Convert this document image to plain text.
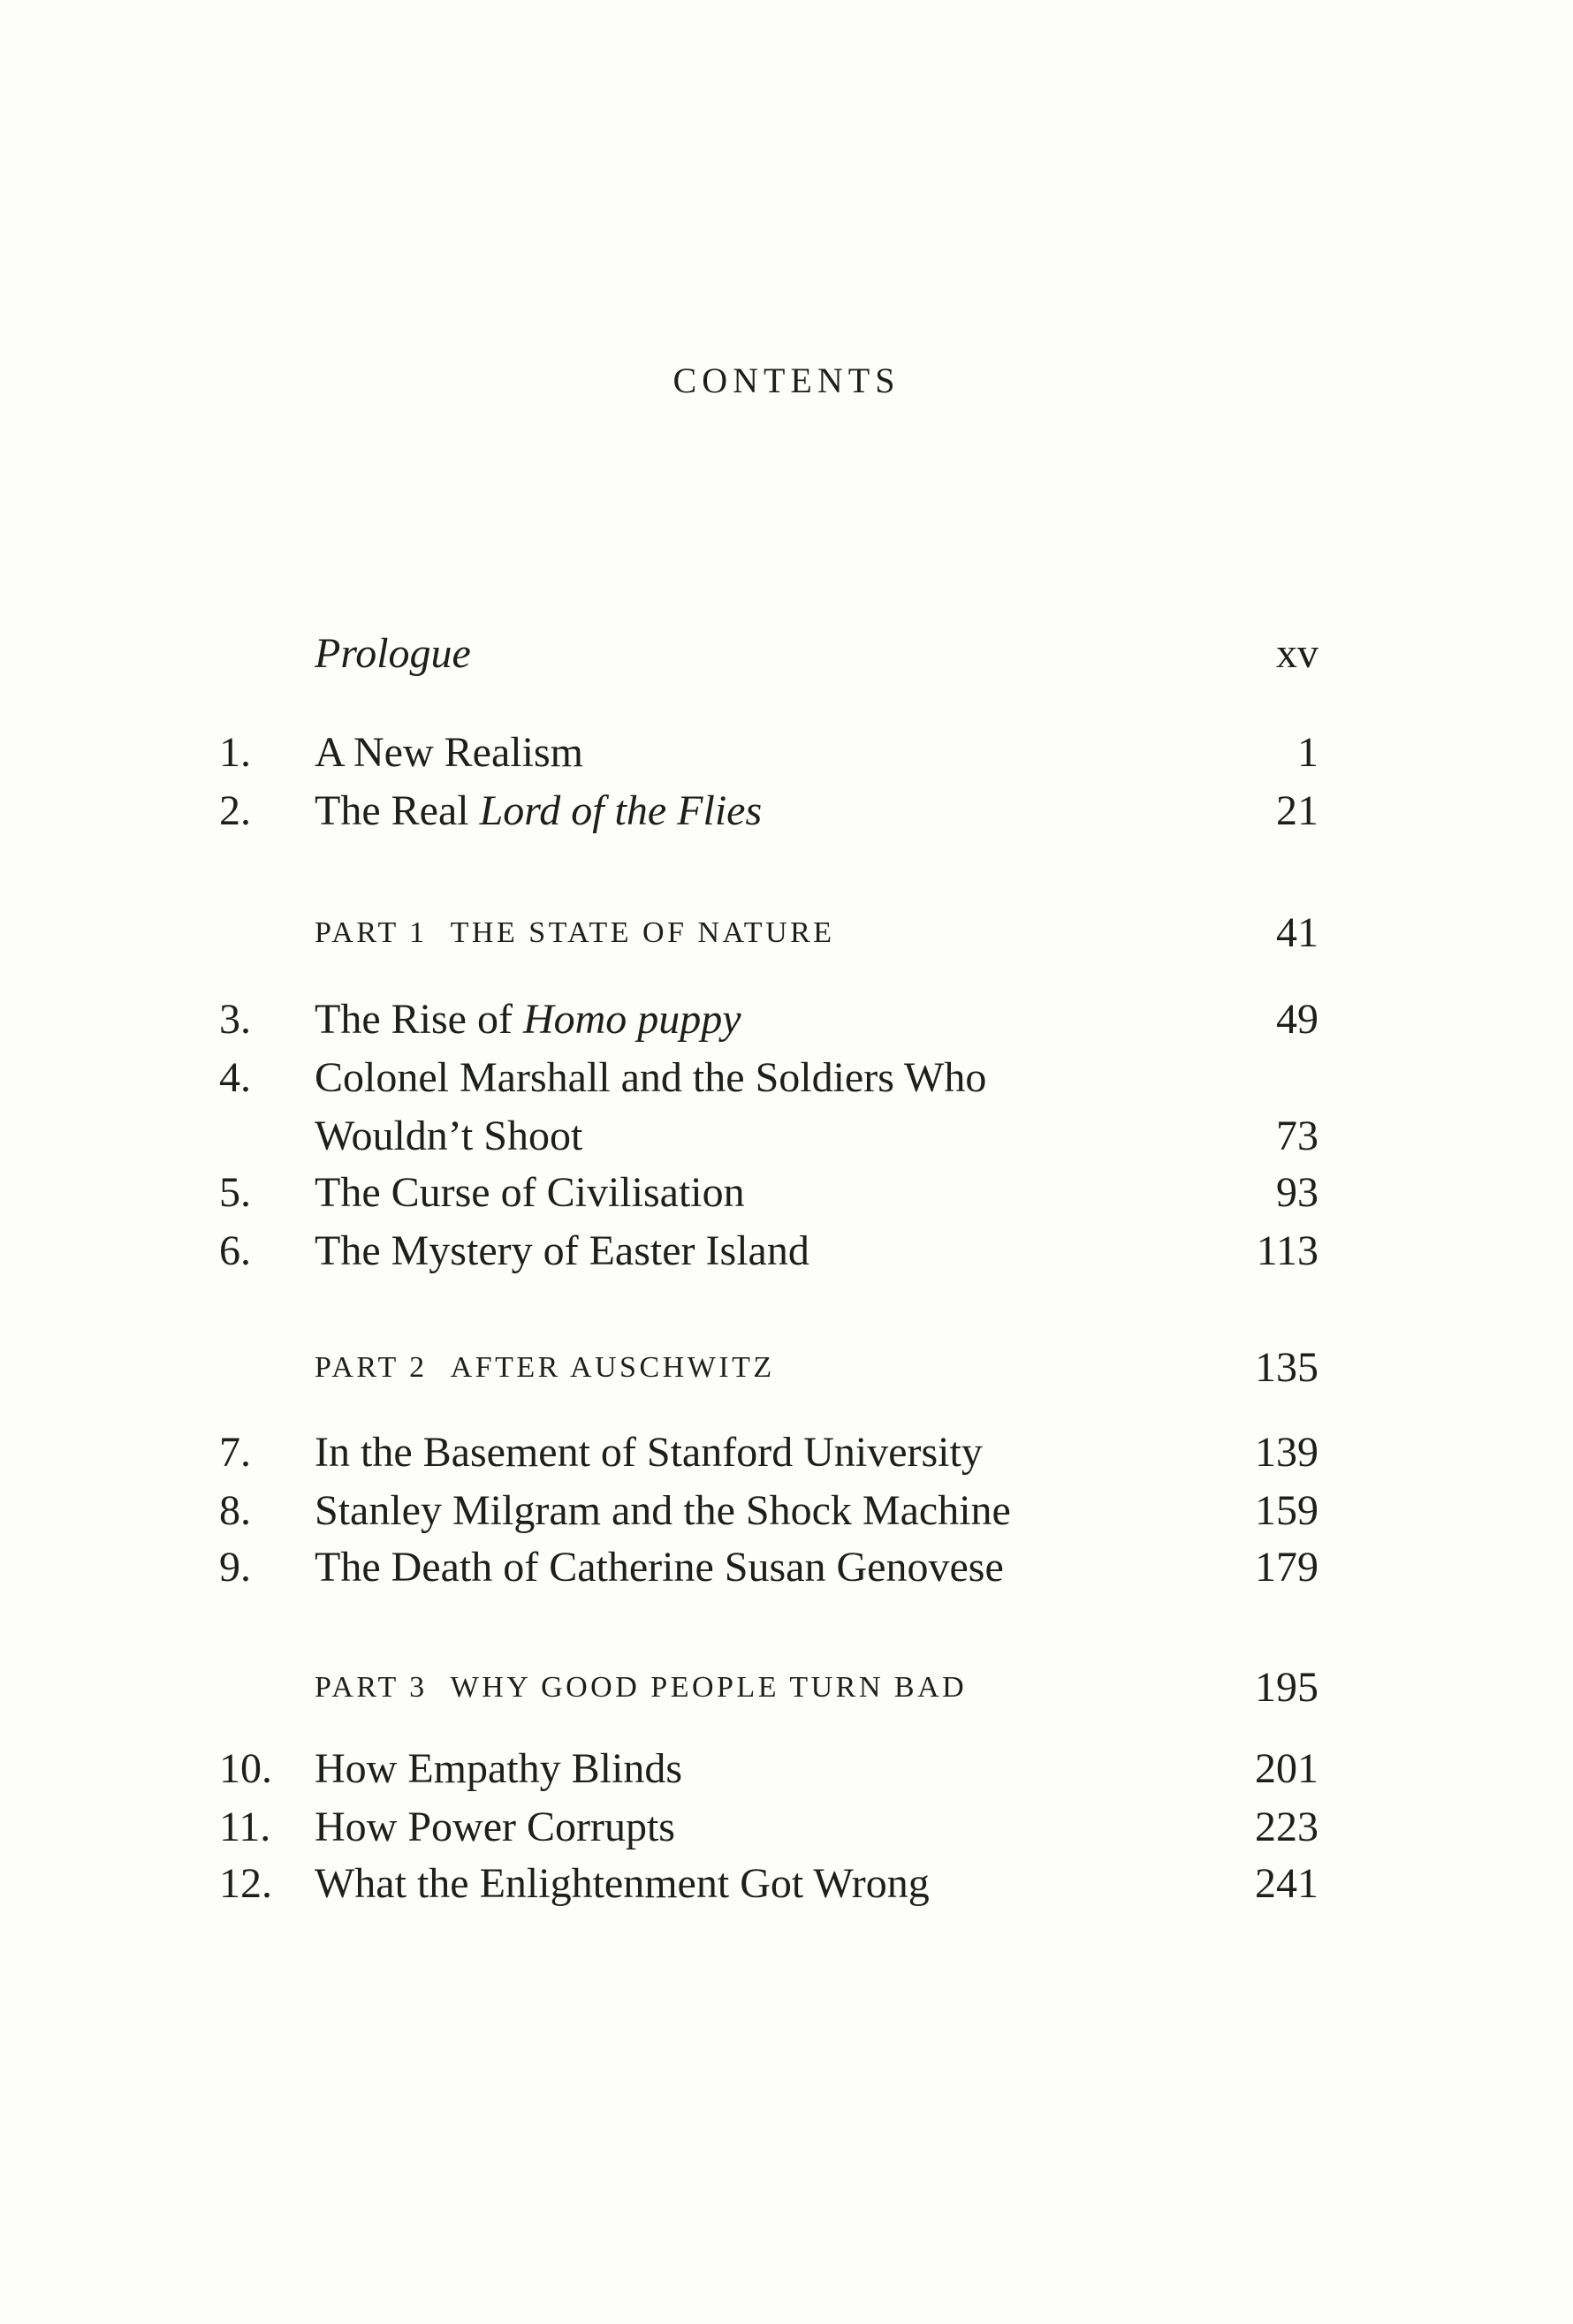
CONTENTS
Prologue	xv
1.	A New Realism	1
2.	The Real Lord of the Flies	21
PART 1 THE STATE OF NATURE	41
3.	The Rise of Homo puppy	49
4.	Colonel Marshall and the Soldiers Who
Wouldn’t Shoot	73
5.	The Curse of Civilisation	93
6.	The Mystery of Easter Island	113
PART 2 AFTER AUSCHWITZ	135
7.	In the Basement of Stanford University	139
8.	Stanley Milgram and the Shock Machine	159
9.	The Death of Catherine Susan Genovese	179
PART 3 WHY GOOD PEOPLE TURN BAD	195
10.	How Empathy Blinds	201
11.	How Power Corrupts	223
12.	What the Enlightenment Got Wrong	241
